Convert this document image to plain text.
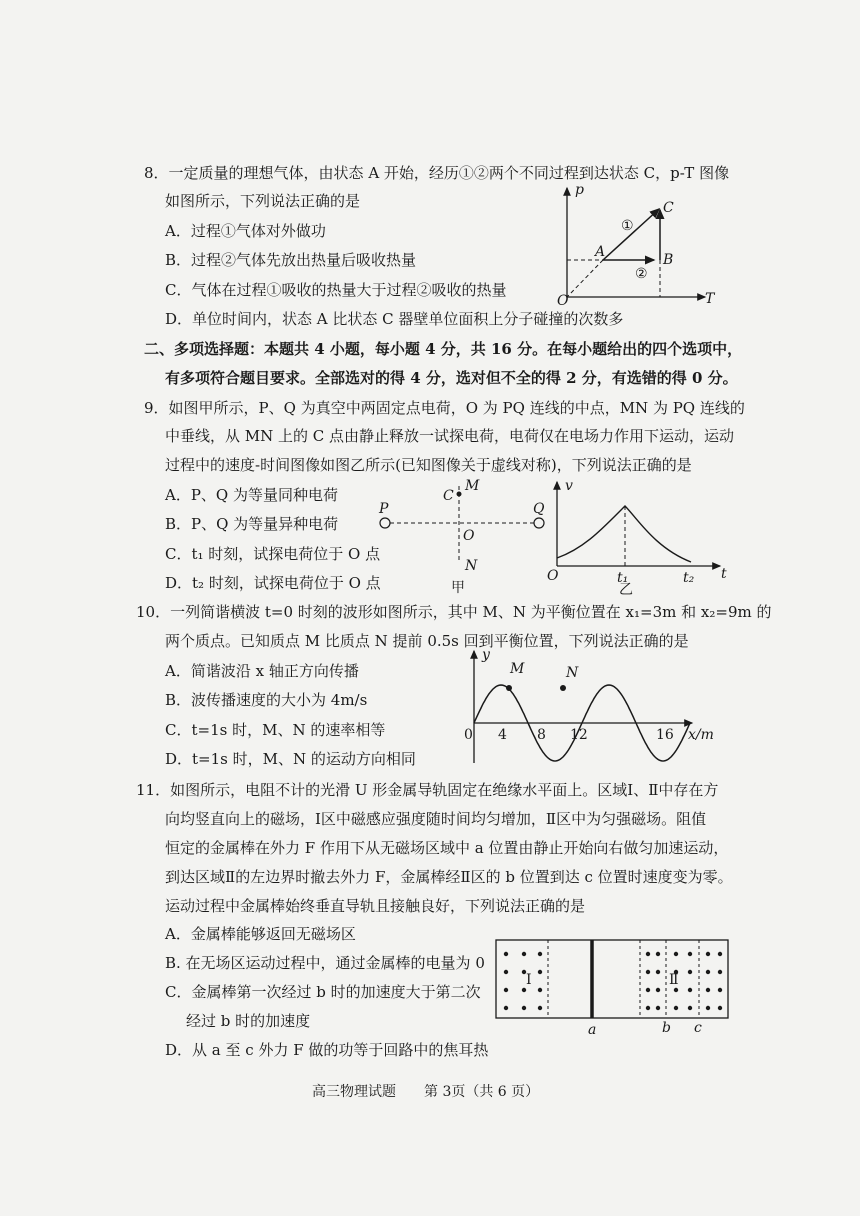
8．一定质量的理想气体，由状态 A 开始，经历①②两个不同过程到达状态 C，p-T 图像
如图所示，下列说法正确的是
A．过程①气体对外做功
B．过程②气体先放出热量后吸收热量
C．气体在过程①吸收的热量大于过程②吸收的热量
D．单位时间内，状态 A 比状态 C 器壁单位面积上分子碰撞的次数多
p
T
O
A	B
C
①
②
二、多项选择题：本题共 4 小题，每小题 4 分，共 16 分。在每小题给出的四个选项中，
有多项符合题目要求。全部选对的得 4 分，选对但不全的得 2 分，有选错的得 0 分。
9．如图甲所示，P、Q 为真空中两固定点电荷，O 为 PQ 连线的中点，MN 为 PQ 连线的
中垂线，从 MN 上的 C 点由静止释放一试探电荷，电荷仅在电场力作用下运动，运动
过程中的速度-时间图像如图乙所示(已知图像关于虚线对称)，下列说法正确的是
A．P、Q 为等量同种电荷
B．P、Q 为等量异种电荷
C．t₁ 时刻，试探电荷位于 O 点
D．t₂ 时刻，试探电荷位于 O 点
P	Q
C
M
O
N
甲
v
t
O	t₁	t₂
乙
10．一列简谐横波 t=0 时刻的波形如图所示，其中 M、N 为平衡位置在 x₁=3m 和 x₂=9m 的
两个质点。已知质点 M 比质点 N 提前 0.5s 回到平衡位置，下列说法正确的是
A．简谐波沿 x 轴正方向传播
B．波传播速度的大小为 4m/s
C．t=1s 时，M、N 的速率相等
D．t=1s 时，M、N 的运动方向相同
y
x/m
0 4 8 12	16
M	N
11．如图所示，电阻不计的光滑 U 形金属导轨固定在绝缘水平面上。区域Ⅰ、Ⅱ中存在方
向均竖直向上的磁场，Ⅰ区中磁感应强度随时间均匀增加，Ⅱ区中为匀强磁场。阻值
恒定的金属棒在外力 F 作用下从无磁场区域中 a 位置由静止开始向右做匀加速运动，
到达区域Ⅱ的左边界时撤去外力 F，金属棒经Ⅱ区的 b 位置到达 c 位置时速度变为零。
运动过程中金属棒始终垂直导轨且接触良好，下列说法正确的是
A．金属棒能够返回无磁场区
B. 在无场区运动过程中，通过金属棒的电量为 0
C．金属棒第一次经过 b 时的加速度大于第二次
经过 b 时的加速度
D．从 a 至 c 外力 F 做的功等于回路中的焦耳热
Ⅰ	Ⅱ
a	b c
高三物理试题　　第 3页（共 6 页）
